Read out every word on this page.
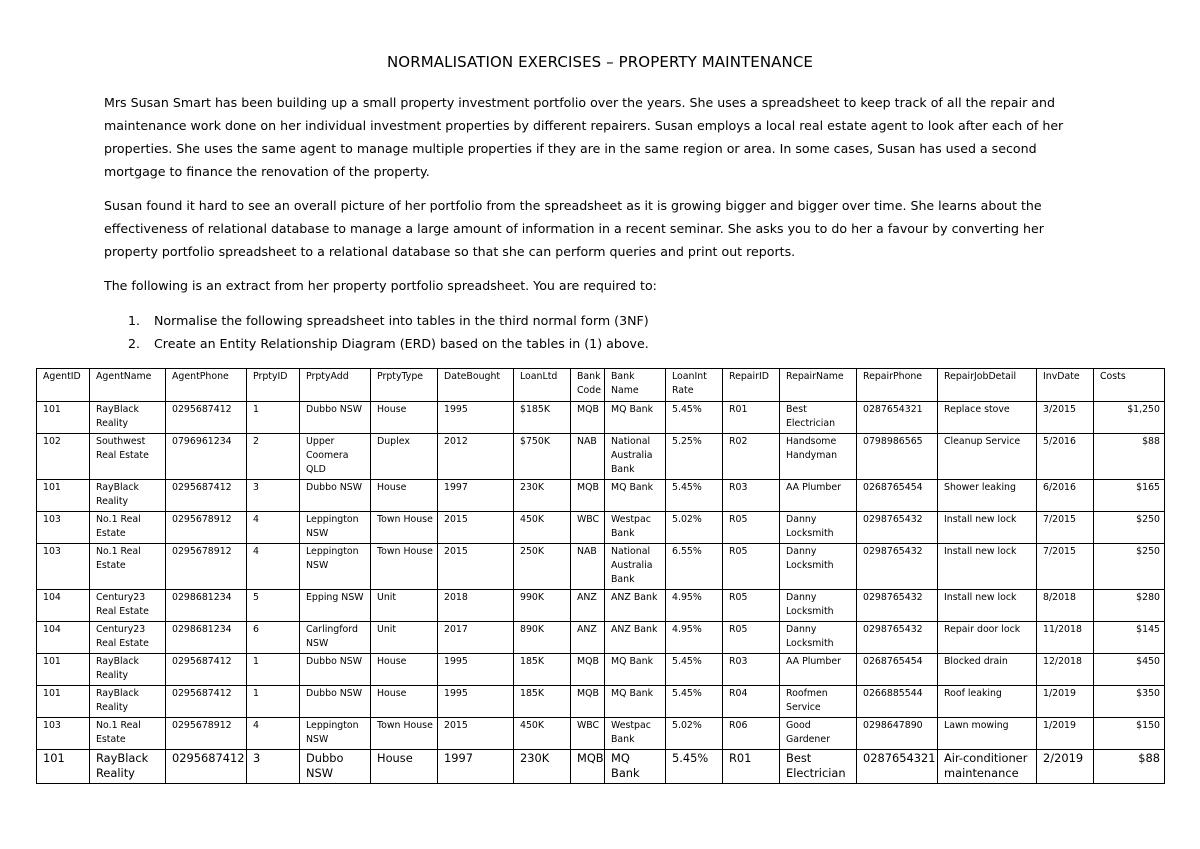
NORMALISATION EXERCISES – PROPERTY MAINTENANCE

Mrs Susan Smart has been building up a small property investment portfolio over the years. She uses a spreadsheet to keep track of all the repair and maintenance work done on her individual investment properties by different repairers. Susan employs a local real estate agent to look after each of her properties. She uses the same agent to manage multiple properties if they are in the same region or area. In some cases, Susan has used a second mortgage to finance the renovation of the property.

Susan found it hard to see an overall picture of her portfolio from the spreadsheet as it is growing bigger and bigger over time. She learns about the effectiveness of relational database to manage a large amount of information in a recent seminar. She asks you to do her a favour by converting her property portfolio spreadsheet to a relational database so that she can perform queries and print out reports.

The following is an extract from her property portfolio spreadsheet. You are required to:

1. Normalise the following spreadsheet into tables in the third normal form (3NF)
2. Create an Entity Relationship Diagram (ERD) based on the tables in (1) above.
AgentID	AgentName	AgentPhone	PrptyID	PrptyAdd	PrptyType	DateBought	LoanLtd	Bank Code	Bank Name	LoanInt Rate	RepairID	RepairName	RepairPhone	RepairJobDetail	InvDate	Costs
101	RayBlack Reality	0295687412	1	Dubbo NSW	House	1995	$185K	MQB	MQ Bank	5.45%	R01	Best Electrician	0287654321	Replace stove	3/2015	$1,250
102	Southwest Real Estate	0796961234	2	Upper Coomera QLD	Duplex	2012	$750K	NAB	National Australia Bank	5.25%	R02	Handsome Handyman	0798986565	Cleanup Service	5/2016	$88
101	RayBlack Reality	0295687412	3	Dubbo NSW	House	1997	230K	MQB	MQ Bank	5.45%	R03	AA Plumber	0268765454	Shower leaking	6/2016	$165
103	No.1 Real Estate	0295678912	4	Leppington NSW	Town House	2015	450K	WBC	Westpac Bank	5.02%	R05	Danny Locksmith	0298765432	Install new lock	7/2015	$250
103	No.1 Real Estate	0295678912	4	Leppington NSW	Town House	2015	250K	NAB	National Australia Bank	6.55%	R05	Danny Locksmith	0298765432	Install new lock	7/2015	$250
104	Century23 Real Estate	0298681234	5	Epping NSW	Unit	2018	990K	ANZ	ANZ Bank	4.95%	R05	Danny Locksmith	0298765432	Install new lock	8/2018	$280
104	Century23 Real Estate	0298681234	6	Carlingford NSW	Unit	2017	890K	ANZ	ANZ Bank	4.95%	R05	Danny Locksmith	0298765432	Repair door lock	11/2018	$145
101	RayBlack Reality	0295687412	1	Dubbo NSW	House	1995	185K	MQB	MQ Bank	5.45%	R03	AA Plumber	0268765454	Blocked drain	12/2018	$450
101	RayBlack Reality	0295687412	1	Dubbo NSW	House	1995	185K	MQB	MQ Bank	5.45%	R04	Roofmen Service	0266885544	Roof leaking	1/2019	$350
103	No.1 Real Estate	0295678912	4	Leppington NSW	Town House	2015	450K	WBC	Westpac Bank	5.02%	R06	Good Gardener	0298647890	Lawn mowing	1/2019	$150
101	RayBlack Reality	0295687412	3	Dubbo NSW	House	1997	230K	MQB	MQ Bank	5.45%	R01	Best Electrician	0287654321	Air-conditioner maintenance	2/2019	$88
